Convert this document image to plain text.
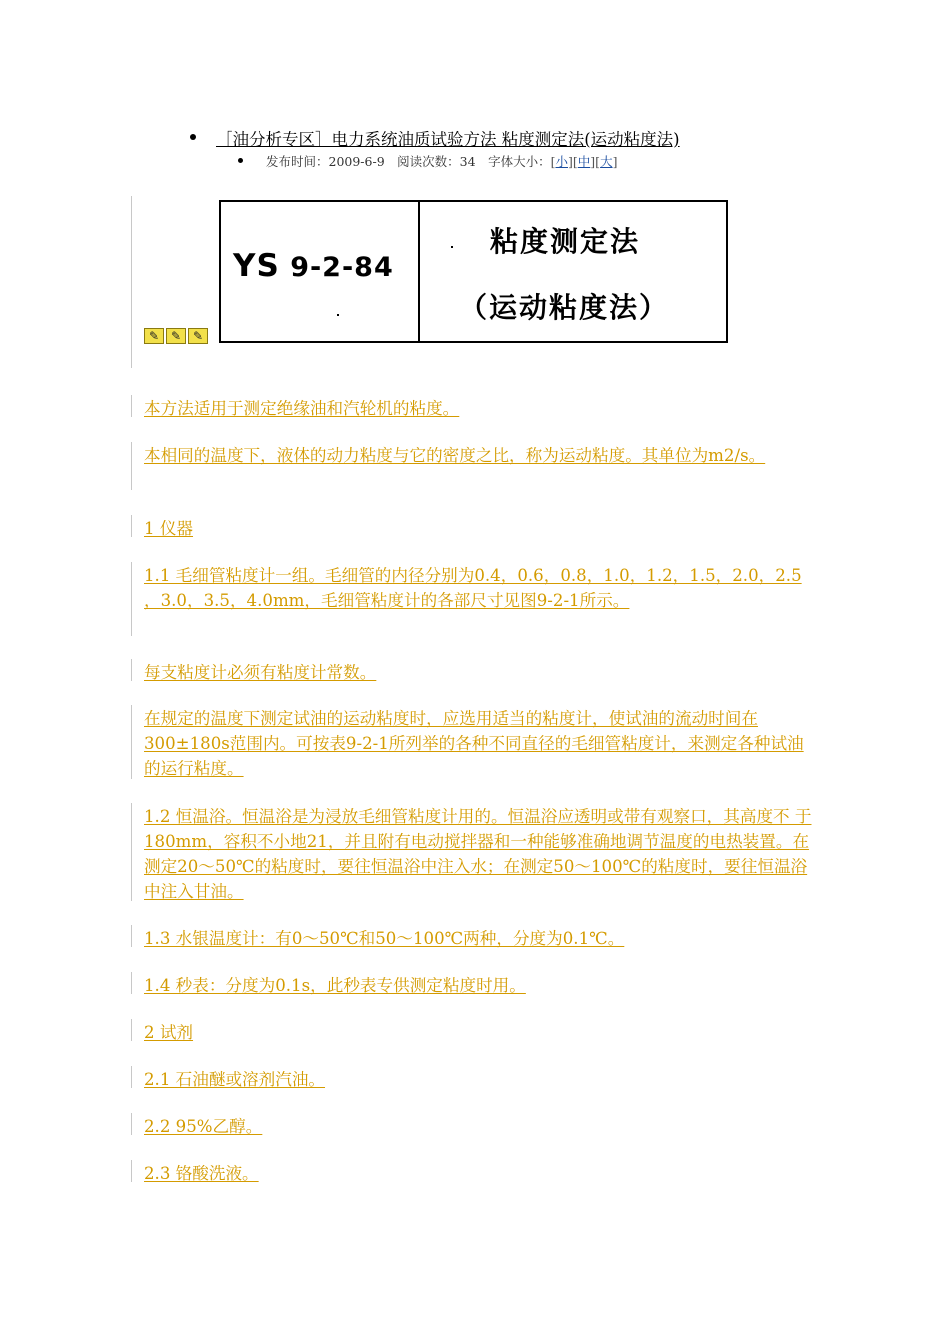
［油分析专区］电力系统油质试验方法 粘度测定法(运动粘度法)
发布时间：2009-6-9　阅读次数：34　字体大小：[小][中][大]
✎ ✎ ✎
YS 9-2-84
粘度测定法
（运动粘度法）
本方法适用于测定绝缘油和汽轮机的粘度。
本相同的温度下，液体的动力粘度与它的密度之比，称为运动粘度。其单位为m2/s。
1 仪器
1.1 毛细管粘度计一组。毛细管的内径分别为0.4，0.6，0.8，1.0，1.2，1.5，2.0，2.5 ，3.0，3.5，4.0mm，毛细管粘度计的各部尺寸见图9-2-1所示。
每支粘度计必须有粘度计常数。
在规定的温度下测定试油的运动粘度时，应选用适当的粘度计，使试油的流动时间在300±180s范围内。可按表9-2-1所列举的各种不同直径的毛细管粘度计，来测定各种试油的运行粘度。
1.2 恒温浴。恒温浴是为浸放毛细管粘度计用的。恒温浴应透明或带有观察口，其高度不 于180mm，容积不小地21，并且附有电动搅拌器和一种能够准确地调节温度的电热装置。在测定20～50℃的粘度时，要往恒温浴中注入水；在测定50～100℃的粘度时，要往恒温浴中注入甘油。
1.3 水银温度计：有0～50℃和50～100℃两种，分度为0.1℃。
1.4 秒表：分度为0.1s，此秒表专供测定粘度时用。
2 试剂
2.1 石油醚或溶剂汽油。
2.2 95%乙醇。
2.3 铬酸洗液。
